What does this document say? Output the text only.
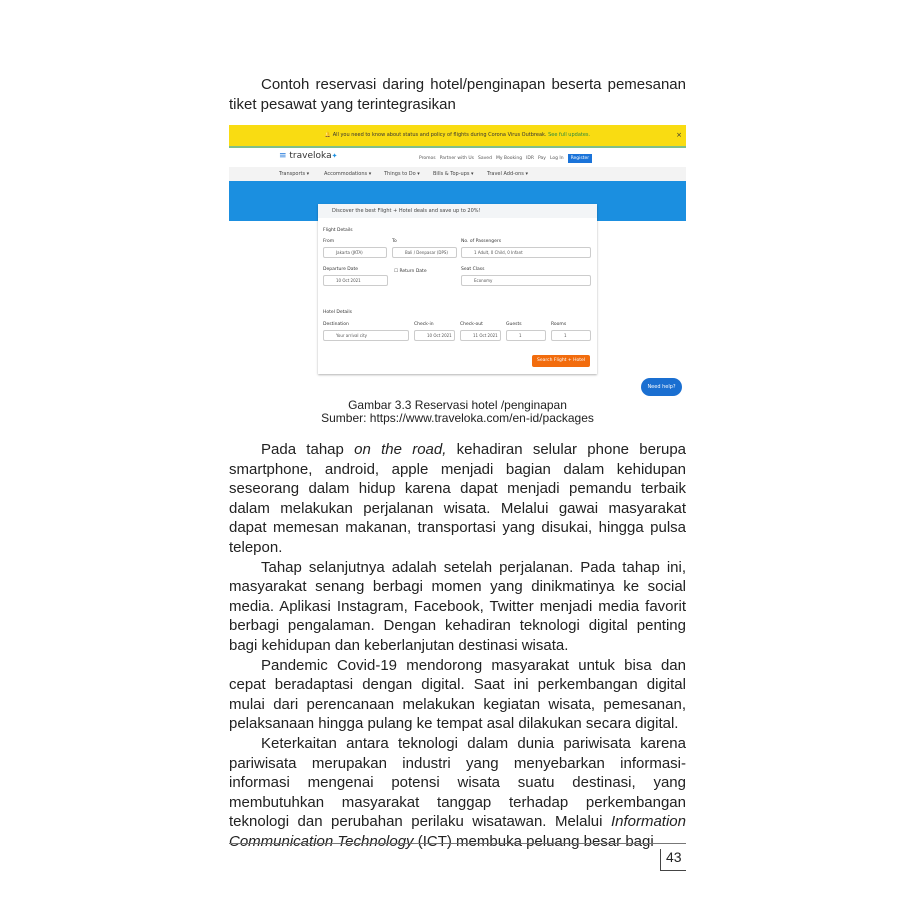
Contoh reservasi daring hotel/penginapan beserta pemesanan tiket pesawat yang terintegrasikan

🔔 All you need to know about status and policy of flights during Corona Virus Outbreak. See full updates.	×
≡ traveloka✦	Promos Partner with Us Saved My Booking IDR Pay Log In	Register
Transports ▾	Accommodations ▾	Things to Do ▾	Bills & Top-ups ▾	Travel Add-ons ▾
Discover the best Flight + Hotel deals and save up to 20%!
Flight Details
From
Jakarta (JKTA)
To
Bali / Denpasar (DPS)
No. of Passengers
1 Adult, 0 Child, 0 Infant
Departure Date
10 Oct 2021
☐ Return Date	Seat Class
Economy
Hotel Details
Destination
Your arrival city
Check-in
10 Oct 2021
Check-out
11 Oct 2021
Guests
1
Rooms
1
Search Flight + Hotel
Need help?
Gambar 3.3 Reservasi hotel /penginapan
Sumber: https://www.traveloka.com/en-id/packages

Pada tahap on the road, kehadiran selular phone berupa smartphone, android, apple menjadi bagian dalam kehidupan seseorang dalam hidup karena dapat menjadi pemandu terbaik dalam melakukan perjalanan wisata. Melalui gawai masyarakat dapat memesan makanan, transportasi yang disukai, hingga pulsa telepon.

Tahap selanjutnya adalah setelah perjalanan. Pada tahap ini, masyarakat senang berbagi momen yang dinikmatinya ke social media. Aplikasi Instagram, Facebook, Twitter menjadi media favorit berbagi pengalaman. Dengan kehadiran teknologi digital penting bagi kehidupan dan keberlanjutan destinasi wisata.

Pandemic Covid-19 mendorong masyarakat untuk bisa dan cepat beradaptasi dengan digital. Saat ini perkembangan digital mulai dari perencanaan melakukan kegiatan wisata, pemesanan, pelaksanaan hingga pulang ke tempat asal dilakukan secara digital.

Keterkaitan antara teknologi dalam dunia pariwisata karena pariwisata merupakan industri yang menyebarkan informasi-informasi mengenai potensi wisata suatu destinasi, yang membutuhkan masyarakat tanggap terhadap perkembangan teknologi dan perubahan perilaku wisatawan. Melalui Information Communication Technology (ICT) membuka peluang besar bagi

43
